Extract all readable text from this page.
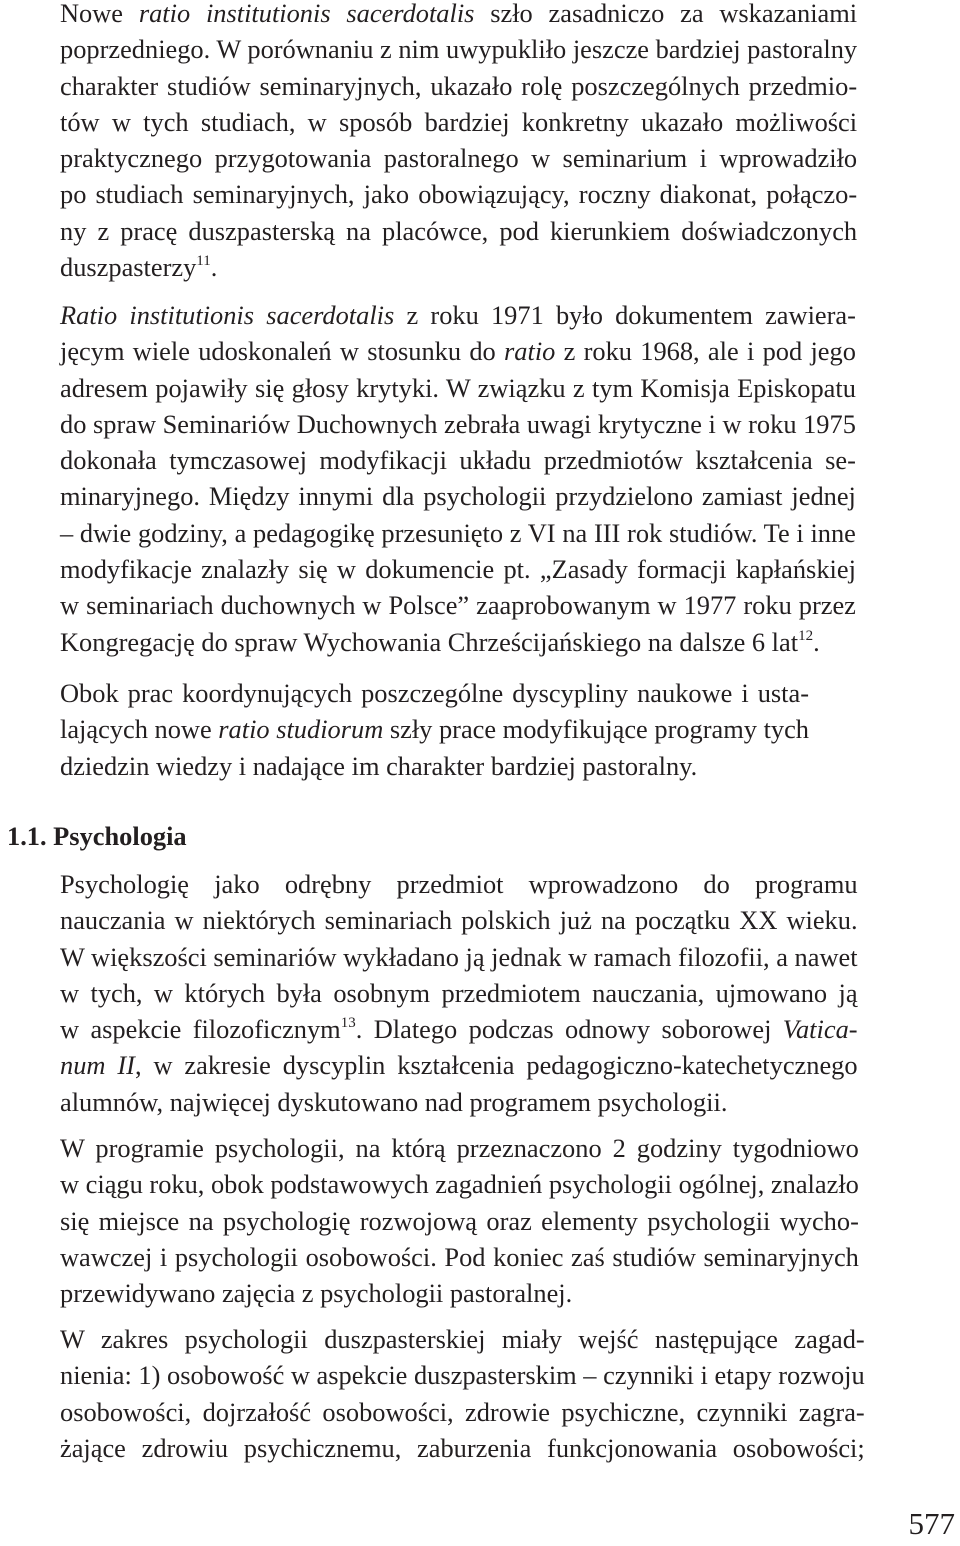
Nowe ratio institutionis sacerdotalis szło zasadniczo za wskazaniami
poprzedniego. W porównaniu z nim uwypukliło jeszcze bardziej pastoralny
charakter studiów seminaryjnych, ukazało rolę poszczególnych przedmio-
tów w tych studiach, w sposób bardziej konkretny ukazało możliwości
praktycznego przygotowania pastoralnego w seminarium i wprowadziło
po studiach seminaryjnych, jako obowiązujący, roczny diakonat, połączo-
ny z pracę duszpasterską na placówce, pod kierunkiem doświadczonych
duszpasterzy$^{11}$.

Ratio institutionis sacerdotalis z roku 1971 było dokumentem zawiera-
jęcym wiele udoskonaleń w stosunku do ratio z roku 1968, ale i pod jego
adresem pojawiły się głosy krytyki. W związku z tym Komisja Episkopatu
do spraw Seminariów Duchownych zebrała uwagi krytyczne i w roku 1975
dokonała tymczasowej modyfikacji układu przedmiotów kształcenia se-
minaryjnego. Między innymi dla psychologii przydzielono zamiast jednej
– dwie godziny, a pedagogikę przesunięto z VI na III rok studiów. Te i inne
modyfikacje znalazły się w dokumencie pt. „Zasady formacji kapłańskiej
w seminariach duchownych w Polsce” zaaprobowanym w 1977 roku przez
Kongregację do spraw Wychowania Chrześcijańskiego na dalsze 6 lat$^{12}$.

Obok prac koordynujących poszczególne dyscypliny naukowe i usta-
lających nowe ratio studiorum szły prace modyfikujące programy tych
dziedzin wiedzy i nadające im charakter bardziej pastoralny.

1.1. Psychologia

Psychologię jako odrębny przedmiot wprowadzono do programu
nauczania w niektórych seminariach polskich już na początku XX wieku.
W większości seminariów wykładano ją jednak w ramach filozofii, a nawet
w tych, w których była osobnym przedmiotem nauczania, ujmowano ją
w aspekcie filozoficznym$^{13}$. Dlatego podczas odnowy soborowej Vatica-
num II, w zakresie dyscyplin kształcenia pedagogiczno-katechetycznego
alumnów, najwięcej dyskutowano nad programem psychologii.

W programie psychologii, na którą przeznaczono 2 godziny tygodniowo
w ciągu roku, obok podstawowych zagadnień psychologii ogólnej, znalazło
się miejsce na psychologię rozwojową oraz elementy psychologii wycho-
wawczej i psychologii osobowości. Pod koniec zaś studiów seminaryjnych
przewidywano zajęcia z psychologii pastoralnej.

W zakres psychologii duszpasterskiej miały wejść następujące zagad-
nienia: 1) osobowość w aspekcie duszpasterskim – czynniki i etapy rozwoju
osobowości, dojrzałość osobowości, zdrowie psychiczne, czynniki zagra-
żające zdrowiu psychicznemu, zaburzenia funkcjonowania osobowości;

577
